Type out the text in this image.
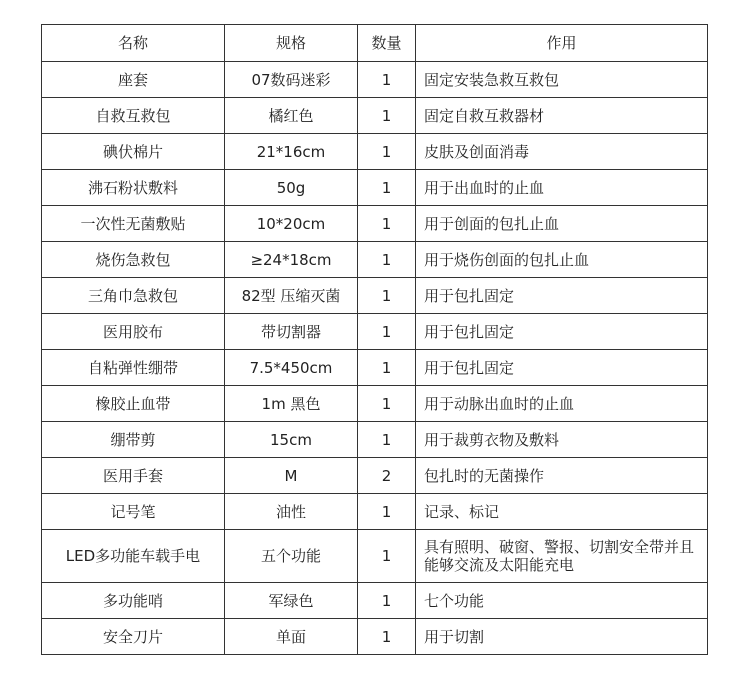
名称	规格	数量	作用
座套	07数码迷彩	1	固定安装急救互救包
自救互救包	橘红色	1	固定自救互救器材
碘伏棉片	21*16cm	1	皮肤及创面消毒
沸石粉状敷料	50g	1	用于出血时的止血
一次性无菌敷贴	10*20cm	1	用于创面的包扎止血
烧伤急救包	≥24*18cm	1	用于烧伤创面的包扎止血
三角巾急救包	82型 压缩灭菌	1	用于包扎固定
医用胶布	带切割器	1	用于包扎固定
自粘弹性绷带	7.5*450cm	1	用于包扎固定
橡胶止血带	1m 黑色	1	用于动脉出血时的止血
绷带剪	15cm	1	用于裁剪衣物及敷料
医用手套	M	2	包扎时的无菌操作
记号笔	油性	1	记录、标记
LED多功能车载手电	五个功能	1	具有照明、破窗、警报、切割安全带并且能够交流及太阳能充电
多功能哨	军绿色	1	七个功能
安全刀片	单面	1	用于切割
